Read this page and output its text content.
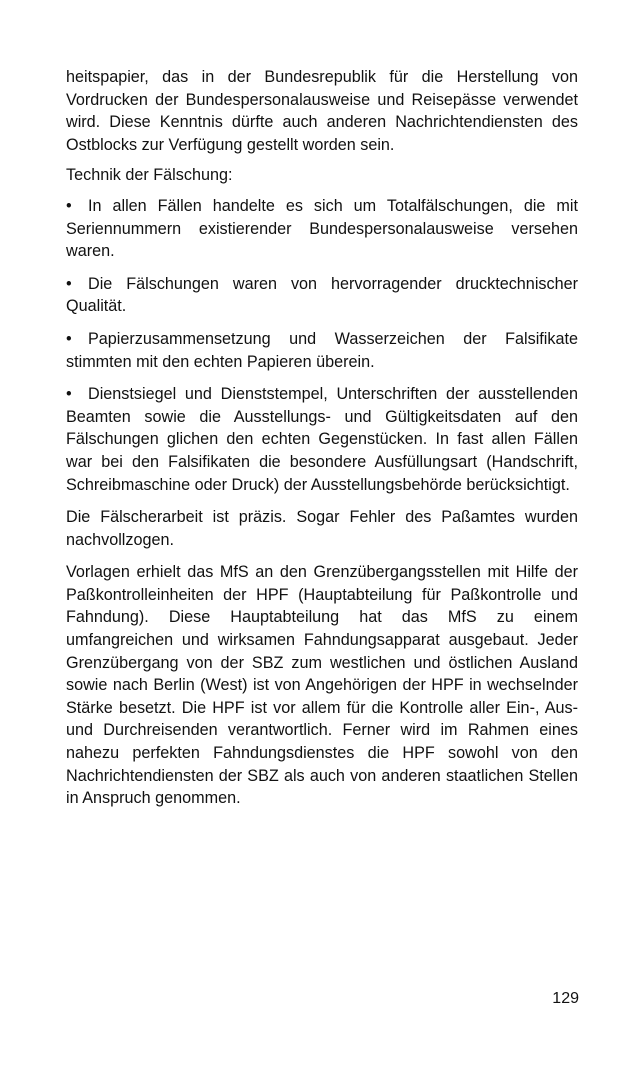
heitspapier, das in der Bundesrepublik für die Herstellung von Vordrucken der Bundespersonalausweise und Reisepässe verwendet wird. Diese Kenntnis dürfte auch anderen Nachrichtendiensten des Ostblocks zur Verfügung gestellt worden sein.

Technik der Fälschung:

• In allen Fällen handelte es sich um Totalfälschungen, die mit Seriennummern existierender Bundespersonalausweise versehen waren.

• Die Fälschungen waren von hervorragender drucktechnischer Qualität.

• Papierzusammensetzung und Wasserzeichen der Falsifikate stimmten mit den echten Papieren überein.

• Dienstsiegel und Dienststempel, Unterschriften der ausstellenden Beamten sowie die Ausstellungs- und Gültigkeitsdaten auf den Fälschungen glichen den echten Gegenstücken. In fast allen Fällen war bei den Falsifikaten die besondere Ausfüllungsart (Handschrift, Schreibmaschine oder Druck) der Ausstellungsbehörde berücksichtigt.

Die Fälscherarbeit ist präzis. Sogar Fehler des Paßamtes wurden nachvollzogen.

Vorlagen erhielt das MfS an den Grenzübergangsstellen mit Hilfe der Paßkontrolleinheiten der HPF (Hauptabteilung für Paßkontrolle und Fahndung). Diese Hauptabteilung hat das MfS zu einem umfangreichen und wirksamen Fahndungsapparat ausgebaut. Jeder Grenzübergang von der SBZ zum westlichen und östlichen Ausland sowie nach Berlin (West) ist von Angehörigen der HPF in wechselnder Stärke besetzt. Die HPF ist vor allem für die Kontrolle aller Ein-, Aus- und Durchreisenden verantwortlich. Ferner wird im Rahmen eines nahezu perfekten Fahndungsdienstes die HPF sowohl von den Nachrichtendiensten der SBZ als auch von anderen staatlichen Stellen in Anspruch genommen.

129
